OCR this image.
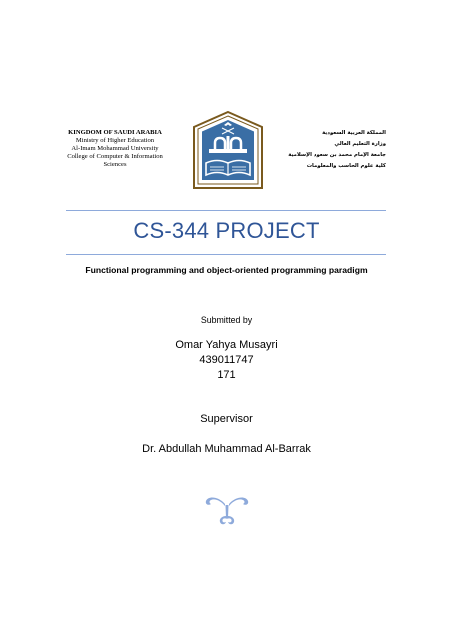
KINGDOM OF SAUDI ARABIA
Ministry of Higher Education
Al-Imam Mohammad University
College of Computer & Information
Sciences
المملكة العربية السعودية
وزارة التعليم العالي
جامعة الإمام محمد بن سعود الإسلامية
كلية علوم الحاسب والمعلومات
CS-344 PROJECT
Functional programming and object-oriented programming paradigm
Submitted by
Omar Yahya Musayri
439011747
171
Supervisor
Dr. Abdullah Muhammad Al-Barrak
